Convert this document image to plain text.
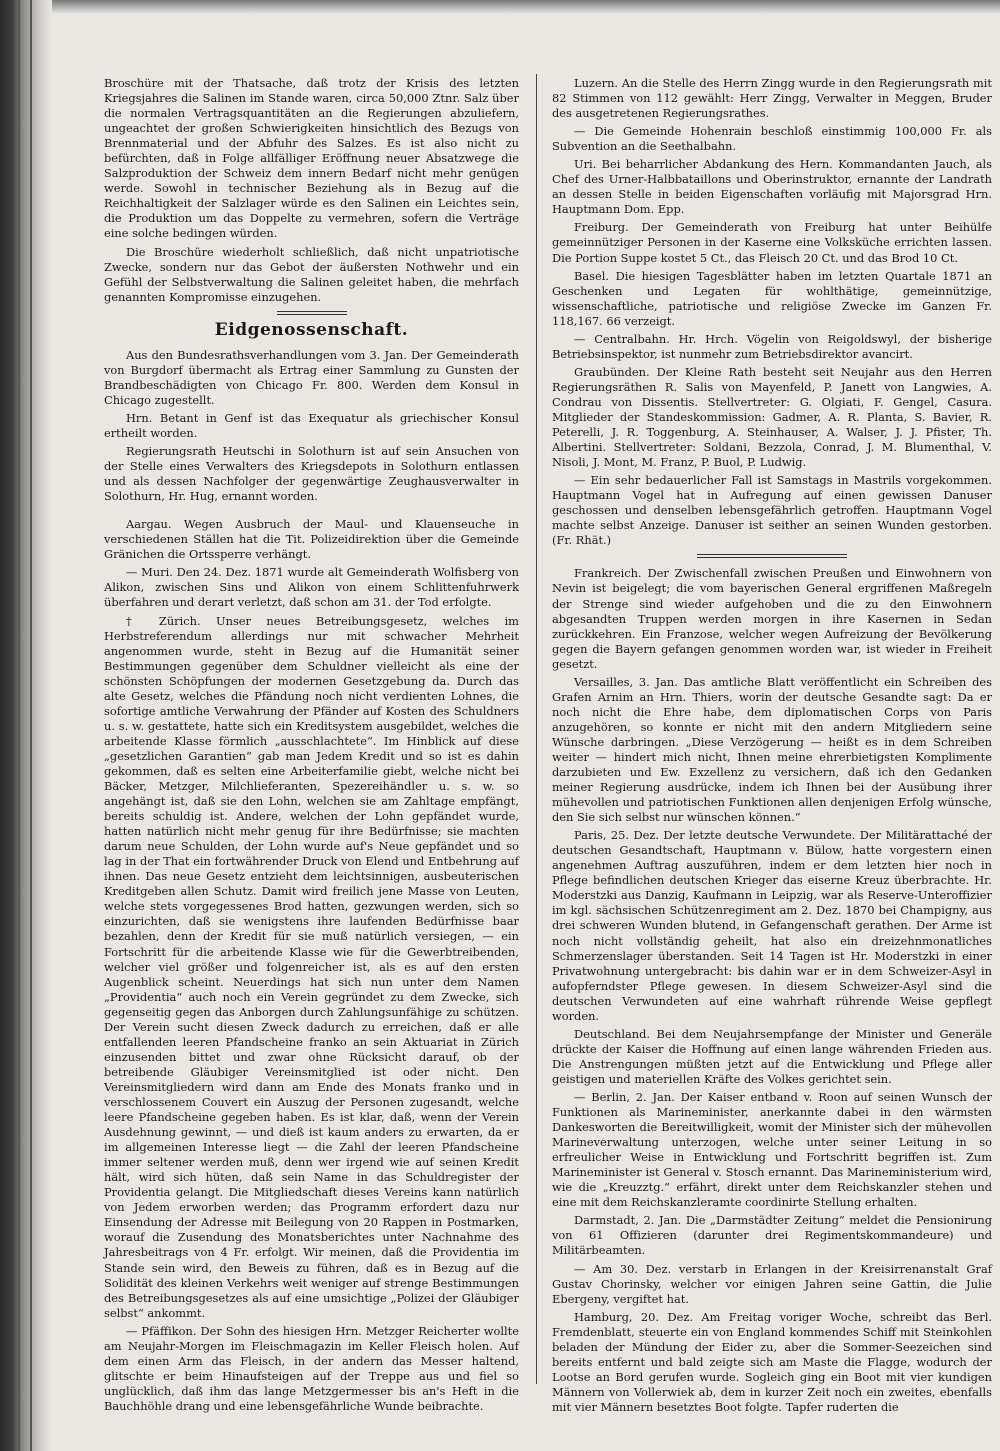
Broschüre mit der Thatsache, daß trotz der Krisis des letzten Kriegsjahres die Salinen im Stande waren, circa 50,000 Ztnr. Salz über die normalen Vertragsquantitäten an die Regierungen abzuliefern, ungeachtet der großen Schwierigkeiten hinsichtlich des Bezugs von Brennmaterial und der Abfuhr des Salzes. Es ist also nicht zu befürchten, daß in Folge allfälliger Eröffnung neuer Absatzwege die Salzproduktion der Schweiz dem innern Bedarf nicht mehr genügen werde. Sowohl in technischer Beziehung als in Bezug auf die Reichhaltigkeit der Salzlager würde es den Salinen ein Leichtes sein, die Produktion um das Doppelte zu vermehren, sofern die Verträge eine solche bedingen würden.

Die Broschüre wiederholt schließlich, daß nicht unpatriotische Zwecke, sondern nur das Gebot der äußersten Nothwehr und ein Gefühl der Selbstverwaltung die Salinen geleitet haben, die mehrfach genannten Kompromisse einzugehen.

Eidgenossenschaft.

Aus den Bundesrathsverhandlungen vom 3. Jan. Der Gemeinderath von Burgdorf übermacht als Ertrag einer Sammlung zu Gunsten der Brandbeschädigten von Chicago Fr. 800. Werden dem Konsul in Chicago zugestellt.

Hrn. Betant in Genf ist das Exequatur als griechischer Konsul ertheilt worden.

Regierungsrath Heutschi in Solothurn ist auf sein Ansuchen von der Stelle eines Verwalters des Kriegsdepots in Solothurn entlassen und als dessen Nachfolger der gegenwärtige Zeughausverwalter in Solothurn, Hr. Hug, ernannt worden.

Aargau. Wegen Ausbruch der Maul- und Klauenseuche in verschiedenen Ställen hat die Tit. Polizeidirektion über die Gemeinde Gränichen die Ortssperre verhängt.

— Muri. Den 24. Dez. 1871 wurde alt Gemeinderath Wolfisberg von Alikon, zwischen Sins und Alikon von einem Schlittenfuhrwerk überfahren und derart verletzt, daß schon am 31. der Tod erfolgte.

† Zürich. Unser neues Betreibungsgesetz, welches im Herbstreferendum allerdings nur mit schwacher Mehrheit angenommen wurde, steht in Bezug auf die Humanität seiner Bestimmungen gegenüber dem Schuldner vielleicht als eine der schönsten Schöpfungen der modernen Gesetzgebung da. Durch das alte Gesetz, welches die Pfändung noch nicht verdienten Lohnes, die sofortige amtliche Verwahrung der Pfänder auf Kosten des Schuldners u. s. w. gestattete, hatte sich ein Kreditsystem ausgebildet, welches die arbeitende Klasse förmlich „ausschlachtete“. Im Hinblick auf diese „gesetzlichen Garantien“ gab man Jedem Kredit und so ist es dahin gekommen, daß es selten eine Arbeiterfamilie giebt, welche nicht bei Bäcker, Metzger, Milchlieferanten, Spezereihändler u. s. w. so angehängt ist, daß sie den Lohn, welchen sie am Zahltage empfängt, bereits schuldig ist. Andere, welchen der Lohn gepfändet wurde, hatten natürlich nicht mehr genug für ihre Bedürfnisse; sie machten darum neue Schulden, der Lohn wurde auf's Neue gepfändet und so lag in der That ein fortwährender Druck von Elend und Entbehrung auf ihnen. Das neue Gesetz entzieht dem leichtsinnigen, ausbeuterischen Kreditgeben allen Schutz. Damit wird freilich jene Masse von Leuten, welche stets vorgegessenes Brod hatten, gezwungen werden, sich so einzurichten, daß sie wenigstens ihre laufenden Bedürfnisse baar bezahlen, denn der Kredit für sie muß natürlich versiegen, — ein Fortschritt für die arbeitende Klasse wie für die Gewerbtreibenden, welcher viel größer und folgenreicher ist, als es auf den ersten Augenblick scheint. Neuerdings hat sich nun unter dem Namen „Providentia“ auch noch ein Verein gegründet zu dem Zwecke, sich gegenseitig gegen das Anborgen durch Zahlungsunfähige zu schützen. Der Verein sucht diesen Zweck dadurch zu erreichen, daß er alle entfallenden leeren Pfandscheine franko an sein Aktuariat in Zürich einzusenden bittet und zwar ohne Rücksicht darauf, ob der betreibende Gläubiger Vereinsmitglied ist oder nicht. Den Vereinsmitgliedern wird dann am Ende des Monats franko und in verschlossenem Couvert ein Auszug der Personen zugesandt, welche leere Pfandscheine gegeben haben. Es ist klar, daß, wenn der Verein Ausdehnung gewinnt, — und dieß ist kaum anders zu erwarten, da er im allgemeinen Interesse liegt — die Zahl der leeren Pfandscheine immer seltener werden muß, denn wer irgend wie auf seinen Kredit hält, wird sich hüten, daß sein Name in das Schuldregister der Providentia gelangt. Die Mitgliedschaft dieses Vereins kann natürlich von Jedem erworben werden; das Programm erfordert dazu nur Einsendung der Adresse mit Beilegung von 20 Rappen in Postmarken, worauf die Zusendung des Monatsberichtes unter Nachnahme des Jahresbeitrags von 4 Fr. erfolgt. Wir meinen, daß die Providentia im Stande sein wird, den Beweis zu führen, daß es in Bezug auf die Solidität des kleinen Verkehrs weit weniger auf strenge Bestimmungen des Betreibungsgesetzes als auf eine umsichtige „Polizei der Gläubiger selbst“ ankommt.

— Pfäffikon. Der Sohn des hiesigen Hrn. Metzger Reicherter wollte am Neujahr-Morgen im Fleischmagazin im Keller Fleisch holen. Auf dem einen Arm das Fleisch, in der andern das Messer haltend, glitschte er beim Hinaufsteigen auf der Treppe aus und fiel so unglücklich, daß ihm das lange Metzgermesser bis an's Heft in die Bauchhöhle drang und eine lebensgefährliche Wunde beibrachte.

Luzern. An die Stelle des Herrn Zingg wurde in den Regierungsrath mit 82 Stimmen von 112 gewählt: Herr Zingg, Verwalter in Meggen, Bruder des ausgetretenen Regierungsrathes.

— Die Gemeinde Hohenrain beschloß einstimmig 100,000 Fr. als Subvention an die Seethalbahn.

Uri. Bei beharrlicher Abdankung des Hern. Kommandanten Jauch, als Chef des Urner-Halbbataillons und Oberinstruktor, ernannte der Landrath an dessen Stelle in beiden Eigenschaften vorläufig mit Majorsgrad Hrn. Hauptmann Dom. Epp.

Freiburg. Der Gemeinderath von Freiburg hat unter Beihülfe gemeinnütziger Personen in der Kaserne eine Volksküche errichten lassen. Die Portion Suppe kostet 5 Ct., das Fleisch 20 Ct. und das Brod 10 Ct.

Basel. Die hiesigen Tagesblätter haben im letzten Quartale 1871 an Geschenken und Legaten für wohlthätige, gemeinnützige, wissenschaftliche, patriotische und religiöse Zwecke im Ganzen Fr. 118,167. 66 verzeigt.

— Centralbahn. Hr. Hrch. Vögelin von Reigoldswyl, der bisherige Betriebsinspektor, ist nunmehr zum Betriebsdirektor avancirt.

Graubünden. Der Kleine Rath besteht seit Neujahr aus den Herren Regierungsräthen R. Salis von Mayenfeld, P. Janett von Langwies, A. Condrau von Dissentis. Stellvertreter: G. Olgiati, F. Gengel, Casura. Mitglieder der Standeskommission: Gadmer, A. R. Planta, S. Bavier, R. Peterelli, J. R. Toggenburg, A. Steinhauser, A. Walser, J. J. Pfister, Th. Albertini. Stellvertreter: Soldani, Bezzola, Conrad, J. M. Blumenthal, V. Nisoli, J. Mont, M. Franz, P. Buol, P. Ludwig.

— Ein sehr bedauerlicher Fall ist Samstags in Mastrils vorgekommen. Hauptmann Vogel hat in Aufregung auf einen gewissen Danuser geschossen und denselben lebensgefährlich getroffen. Hauptmann Vogel machte selbst Anzeige. Danuser ist seither an seinen Wunden gestorben. (Fr. Rhät.)

Frankreich. Der Zwischenfall zwischen Preußen und Einwohnern von Nevin ist beigelegt; die vom bayerischen General ergriffenen Maßregeln der Strenge sind wieder aufgehoben und die zu den Einwohnern abgesandten Truppen werden morgen in ihre Kasernen in Sedan zurückkehren. Ein Franzose, welcher wegen Aufreizung der Bevölkerung gegen die Bayern gefangen genommen worden war, ist wieder in Freiheit gesetzt.

Versailles, 3. Jan. Das amtliche Blatt veröffentlicht ein Schreiben des Grafen Arnim an Hrn. Thiers, worin der deutsche Gesandte sagt: Da er noch nicht die Ehre habe, dem diplomatischen Corps von Paris anzugehören, so konnte er nicht mit den andern Mitgliedern seine Wünsche darbringen. „Diese Verzögerung — heißt es in dem Schreiben weiter — hindert mich nicht, Ihnen meine ehrerbietigsten Komplimente darzubieten und Ew. Exzellenz zu versichern, daß ich den Gedanken meiner Regierung ausdrücke, indem ich Ihnen bei der Ausübung ihrer mühevollen und patriotischen Funktionen allen denjenigen Erfolg wünsche, den Sie sich selbst nur wünschen können.“

Paris, 25. Dez. Der letzte deutsche Verwundete. Der Militärattaché der deutschen Gesandtschaft, Hauptmann v. Bülow, hatte vorgestern einen angenehmen Auftrag auszuführen, indem er dem letzten hier noch in Pflege befindlichen deutschen Krieger das eiserne Kreuz überbrachte. Hr. Moderstzki aus Danzig, Kaufmann in Leipzig, war als Reserve-Unteroffizier im kgl. sächsischen Schützenregiment am 2. Dez. 1870 bei Champigny, aus drei schweren Wunden blutend, in Gefangenschaft gerathen. Der Arme ist noch nicht vollständig geheilt, hat also ein dreizehnmonatliches Schmerzenslager überstanden. Seit 14 Tagen ist Hr. Moderstzki in einer Privatwohnung untergebracht: bis dahin war er in dem Schweizer-Asyl in aufopferndster Pflege gewesen. In diesem Schweizer-Asyl sind die deutschen Verwundeten auf eine wahrhaft rührende Weise gepflegt worden.

Deutschland. Bei dem Neujahrsempfange der Minister und Generäle drückte der Kaiser die Hoffnung auf einen lange währenden Frieden aus. Die Anstrengungen müßten jetzt auf die Entwicklung und Pflege aller geistigen und materiellen Kräfte des Volkes gerichtet sein.

— Berlin, 2. Jan. Der Kaiser entband v. Roon auf seinen Wunsch der Funktionen als Marineminister, anerkannte dabei in den wärmsten Dankesworten die Bereitwilligkeit, womit der Minister sich der mühevollen Marineverwaltung unterzogen, welche unter seiner Leitung in so erfreulicher Weise in Entwicklung und Fortschritt begriffen ist. Zum Marineminister ist General v. Stosch ernannt. Das Marineministerium wird, wie die „Kreuzztg.“ erfährt, direkt unter dem Reichskanzler stehen und eine mit dem Reichskanzleramte coordinirte Stellung erhalten.

Darmstadt, 2. Jan. Die „Darmstädter Zeitung“ meldet die Pensionirung von 61 Offizieren (darunter drei Regimentskommandeure) und Militärbeamten.

— Am 30. Dez. verstarb in Erlangen in der Kreisirrenanstalt Graf Gustav Chorinsky, welcher vor einigen Jahren seine Gattin, die Julie Ebergeny, vergiftet hat.

Hamburg, 20. Dez. Am Freitag voriger Woche, schreibt das Berl. Fremdenblatt, steuerte ein von England kommendes Schiff mit Steinkohlen beladen der Mündung der Eider zu, aber die Sommer-Seezeichen sind bereits entfernt und bald zeigte sich am Maste die Flagge, wodurch der Lootse an Bord gerufen wurde. Sogleich ging ein Boot mit vier kundigen Männern von Vollerwiek ab, dem in kurzer Zeit noch ein zweites, ebenfalls mit vier Männern besetztes Boot folgte. Tapfer ruderten die
